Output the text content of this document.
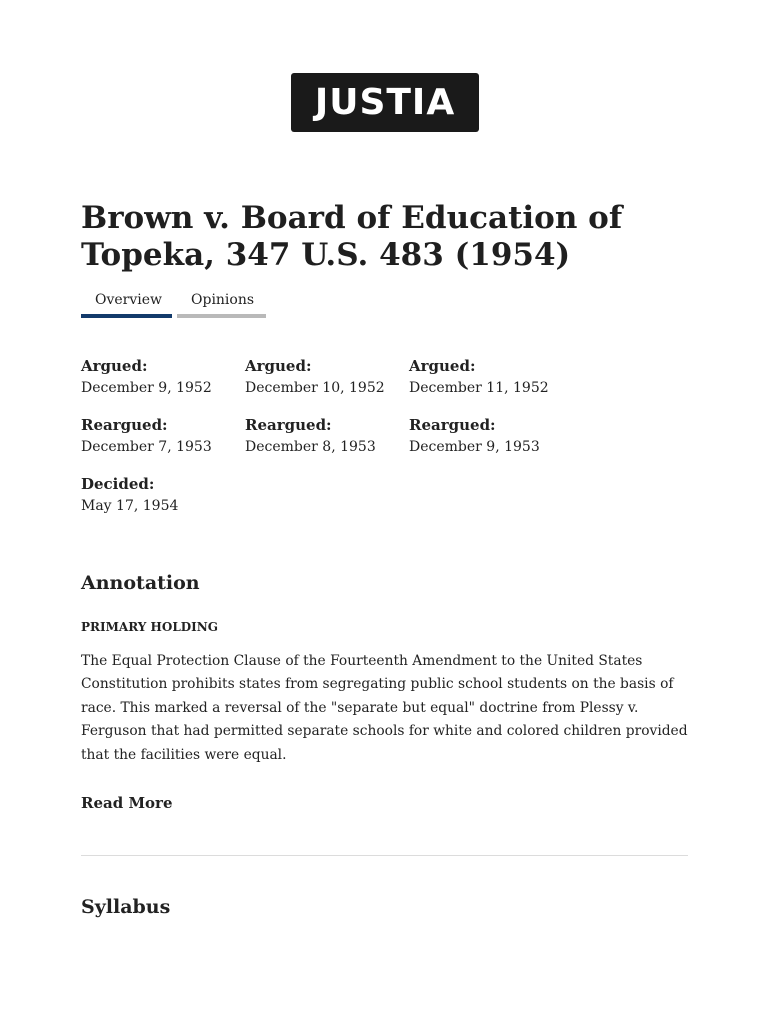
JUSTIA
Brown v. Board of Education of Topeka, 347 U.S. 483 (1954)
Overview	Opinions

Argued:

December 9, 1952

Argued:

December 10, 1952

Argued:

December 11, 1952

Reargued:

December 7, 1953

Reargued:

December 8, 1953

Reargued:

December 9, 1953

Decided:

May 17, 1954

Annotation

PRIMARY HOLDING

The Equal Protection Clause of the Fourteenth Amendment to the United States Constitution prohibits states from segregating public school students on the basis of race. This marked a reversal of the "separate but equal" doctrine from Plessy v. Ferguson that had permitted separate schools for white and colored children provided that the facilities were equal.

Read More
Syllabus
